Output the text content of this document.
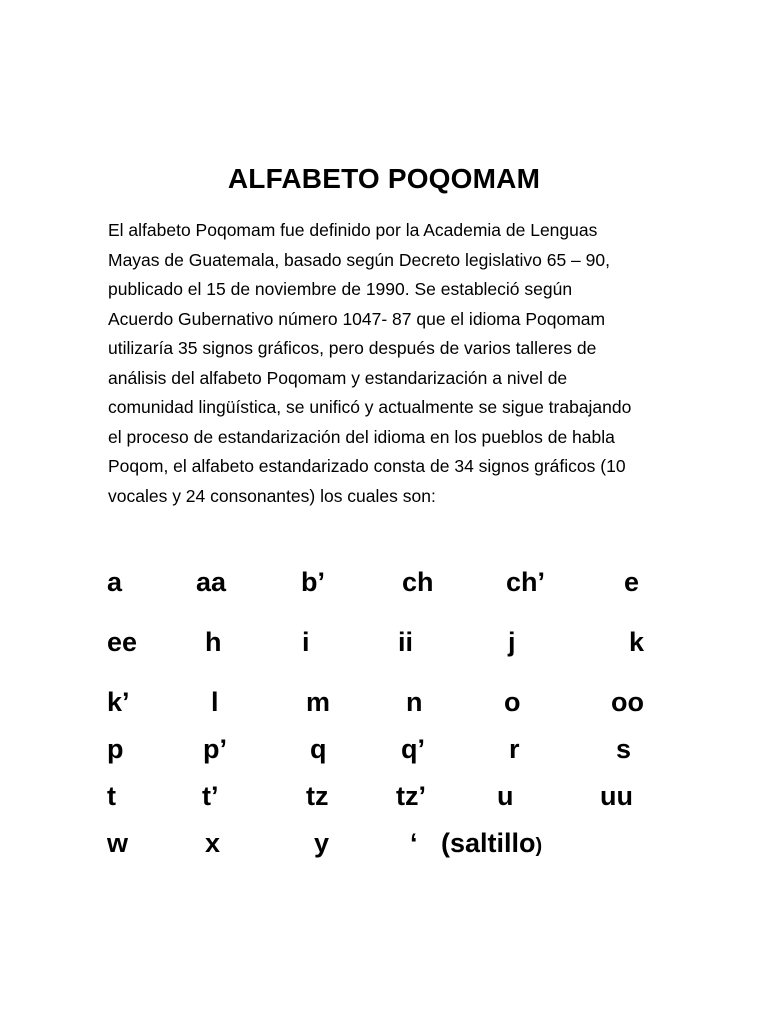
ALFABETO POQOMAM
El alfabeto Poqomam fue definido por la Academia de Lenguas
Mayas de Guatemala, basado según Decreto legislativo 65 – 90,
publicado el 15 de noviembre de 1990. Se estableció según
Acuerdo Gubernativo número 1047- 87 que el idioma Poqomam
utilizaría 35 signos gráficos, pero después de varios talleres de
análisis del alfabeto Poqomam y estandarización a nivel de
comunidad lingüística, se unificó y actualmente se sigue trabajando
el proceso de estandarización del idioma en los pueblos de habla
Poqom, el alfabeto estandarizado consta de 34 signos gráficos (10
vocales y 24 consonantes) los cuales son:
a	aa	b’	ch	ch’	e
ee	h	i	ii	j	k
k’	l	m	n	o	oo
p	p’	q	q’	r	s
t	t’	tz	tz’	u	uu
w	x	y	‘ (saltillo)
